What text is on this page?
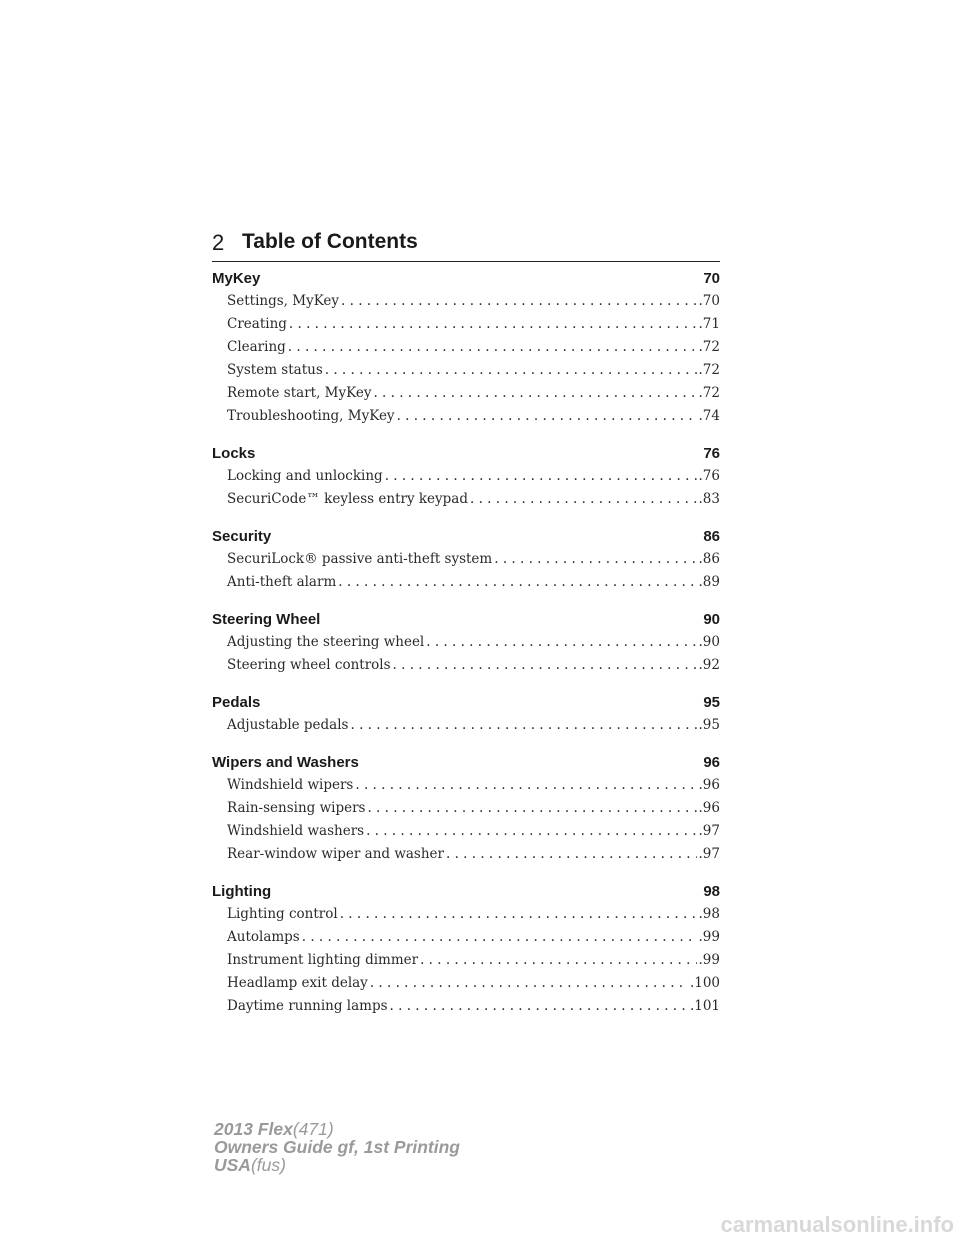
2 Table of Contents
MyKey	70
Settings, MyKey . . .	.70
Creating . . .	.71
Clearing . . .	.72
System status . . .	.72
Remote start, MyKey . . .	.72
Troubleshooting, MyKey . . .	.74
Locks	76
Locking and unlocking . . .	.76
SecuriCode™ keyless entry keypad . . .	.83
Security	86
SecuriLock® passive anti-theft system . . .	.86
Anti-theft alarm . . .	.89
Steering Wheel	90
Adjusting the steering wheel . . .	.90
Steering wheel controls . . .	.92
Pedals	95
Adjustable pedals . . .	.95
Wipers and Washers	96
Windshield wipers . . .	.96
Rain-sensing wipers . . .	.96
Windshield washers . . .	.97
Rear-window wiper and washer . . .	.97
Lighting	98
Lighting control . . .	.98
Autolamps . . .	.99
Instrument lighting dimmer . . .	.99
Headlamp exit delay . . .	.100
Daytime running lamps . . .	.101
2013 Flex(471)
Owners Guide gf, 1st Printing
USA(fus)
carmanualsonline.info
